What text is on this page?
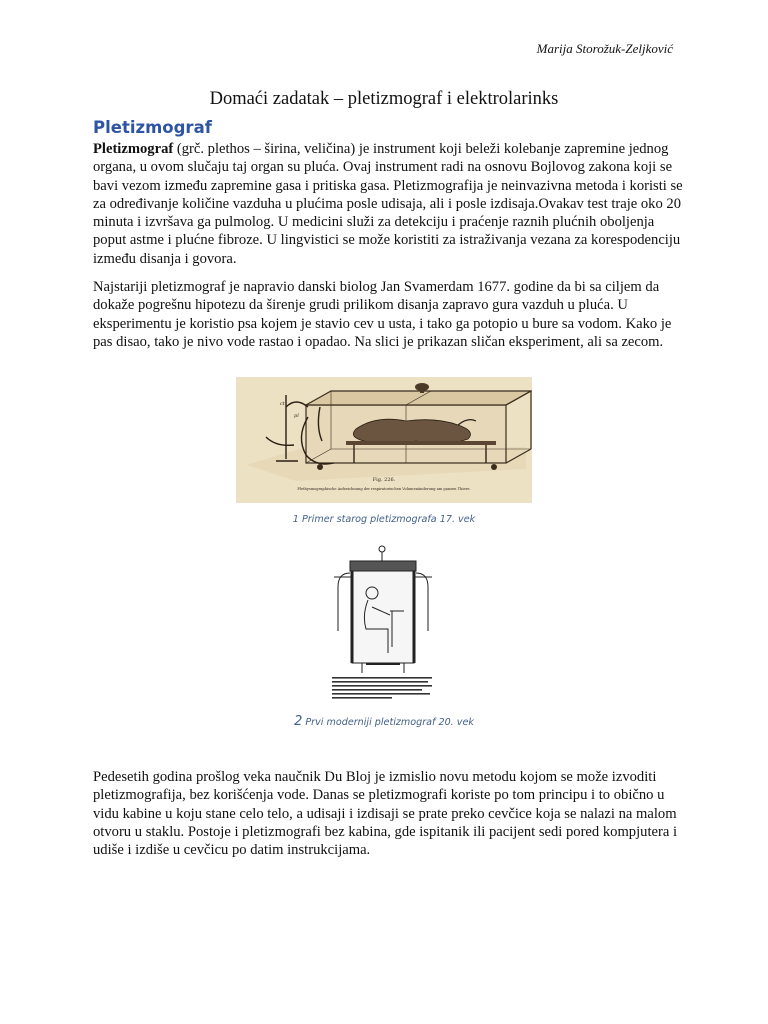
Marija Storožuk-Zeljković
Domaći zadatak – pletizmograf i elektrolarinks
Pletizmograf

Pletizmograf (grč. plethos – širina, veličina) je instrument koji beleži kolebanje zapremine jednog organa, u ovom slučaju taj organ su pluća. Ovaj instrument radi na osnovu Bojlovog zakona koji se bavi vezom između zapremine gasa i pritiska gasa. Pletizmografija je neinvazivna metoda i koristi se za određivanje količine vazduha u plućima posle udisaja, ali i posle izdisaja.Ovakav test traje oko 20 minuta i izvršava ga pulmolog. U medicini služi za detekciju i praćenje raznih plućnih oboljenja poput astme i plućne fibroze. U lingvistici se može koristiti za istraživanja vezana za korespodenciju između disanja i govora.

Najstariji pletizmograf je napravio danski biolog Jan Svamerdam 1677. godine da bi sa ciljem da dokaže pogrešnu hipotezu da širenje grudi prilikom disanja zapravo gura vazduh u pluća. U eksperimentu je koristio psa kojem je stavio cev u usta, i tako ga potopio u bure sa vodom. Kako je pas disao, tako je nivo vode rastao i opadao. Na slici je prikazan sličan eksperiment, ali sa zecom.

ct
pl
Fig. 226.
Plethysmographische Aufzeichnung der respiratorischen Volumenänderung am ganzen Thiere.
1 Primer starog pletizmografa 17. vek
2 Prvi moderniji pletizmograf 20. vek

Pedesetih godina prošlog veka naučnik Du Bloj je izmislio novu metodu kojom se može izvoditi pletizmografija, bez korišćenja vode. Danas se pletizmografi koriste po tom principu i to obično u vidu kabine u koju stane celo telo, a udisaji i izdisaji se prate preko cevčice koja se nalazi na malom otvoru u staklu. Postoje i pletizmografi bez kabina, gde ispitanik ili pacijent sedi pored kompjutera i udiše i izdiše u cevčicu po datim instrukcijama.
